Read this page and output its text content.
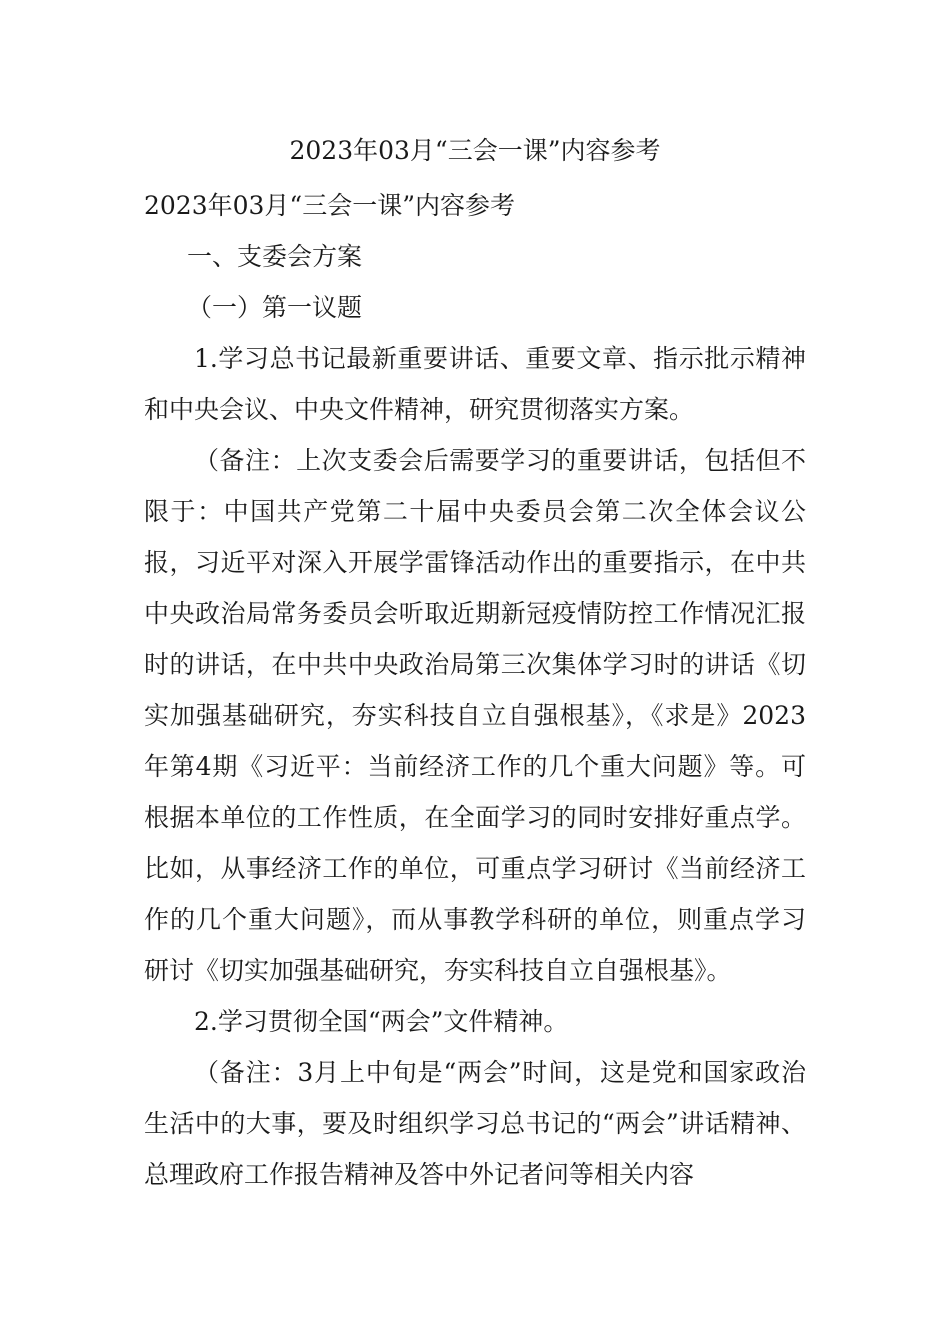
2023年03月“三会一课”内容参考

2023年03月“三会一课”内容参考

一、支委会方案

（一）第一议题

1.学习总书记最新重要讲话、重要文章、指示批示精神和中央会议、中央文件精神，研究贯彻落实方案。

（备注：上次支委会后需要学习的重要讲话，包括但不限于：中国共产党第二十届中央委员会第二次全体会议公报，习近平对深入开展学雷锋活动作出的重要指示，在中共中央政治局常务委员会听取近期新冠疫情防控工作情况汇报时的讲话，在中共中央政治局第三次集体学习时的讲话《切实加强基础研究，夯实科技自立自强根基》，《求是》2023年第4期《习近平：当前经济工作的几个重大问题》等。可根据本单位的工作性质，在全面学习的同时安排好重点学。比如，从事经济工作的单位，可重点学习研讨《当前经济工作的几个重大问题》，而从事教学科研的单位，则重点学习研讨《切实加强基础研究，夯实科技自立自强根基》。

2.学习贯彻全国“两会”文件精神。

（备注：3月上中旬是“两会”时间，这是党和国家政治生活中的大事，要及时组织学习总书记的“两会”讲话精神、总理政府工作报告精神及答中外记者问等相关内容
